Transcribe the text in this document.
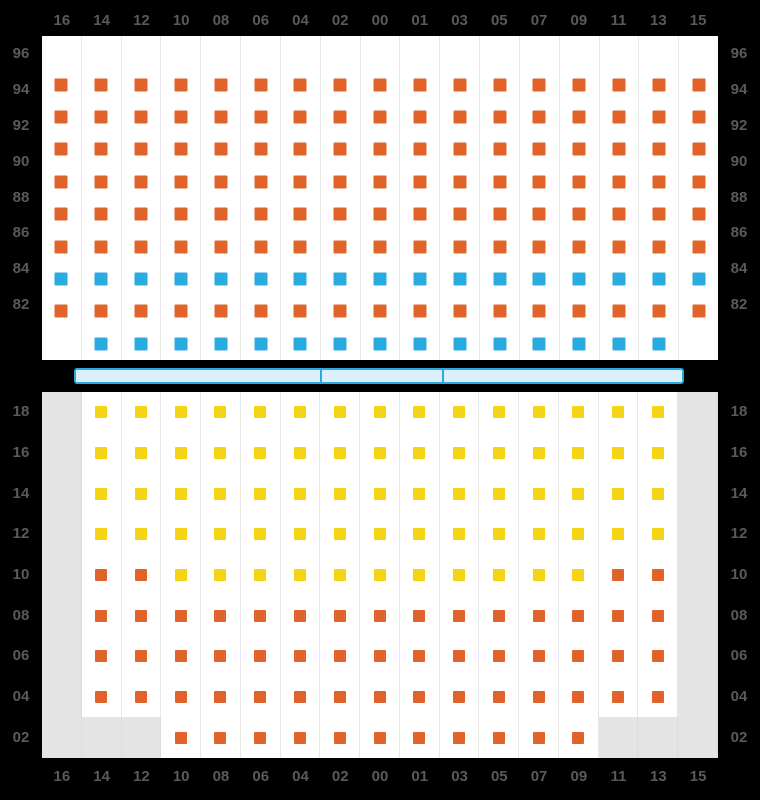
16	14	12	10	08	06	04	02	00	01	03	05	07	09	11	13	15
96
94
92
90
88
86
84
82
96
94
92
90
88
86
84
82
18
16
14
12
10
08
06
04
02
18
16
14
12
10
08
06
04
02
16	14	12	10	08	06	04	02	00	01	03	05	07	09	11	13	15
